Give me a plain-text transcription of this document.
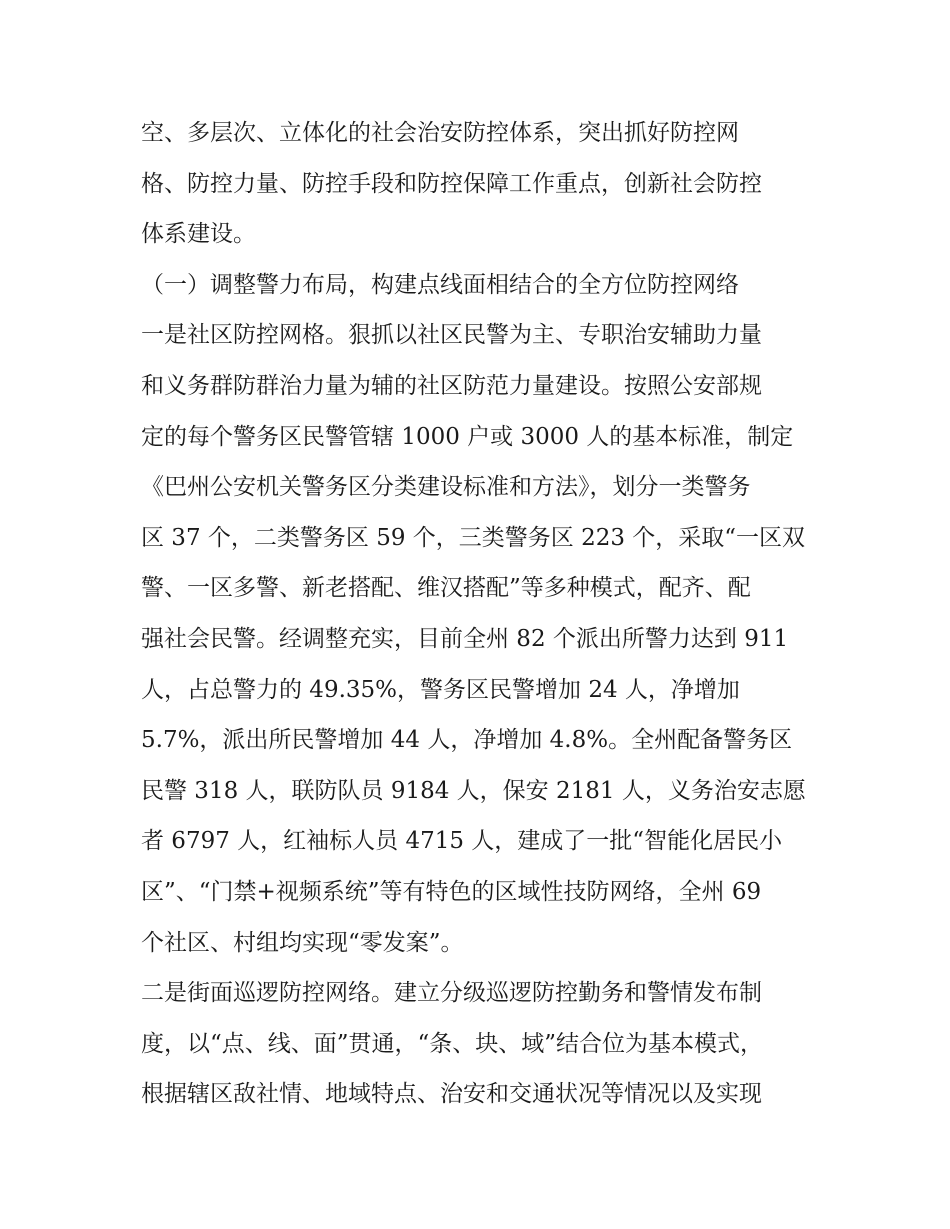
空、多层次、立体化的社会治安防控体系，突出抓好防控网
格、防控力量、防控手段和防控保障工作重点，创新社会防控
体系建设。
（一）调整警力布局，构建点线面相结合的全方位防控网络
一是社区防控网格。狠抓以社区民警为主、专职治安辅助力量
和义务群防群治力量为辅的社区防范力量建设。按照公安部规
定的每个警务区民警管辖 1000 户或 3000 人的基本标准，制定
《巴州公安机关警务区分类建设标准和方法》，划分一类警务
区 37 个，二类警务区 59 个，三类警务区 223 个，采取“一区双
警、一区多警、新老搭配、维汉搭配”等多种模式，配齐、配
强社会民警。经调整充实，目前全州 82 个派出所警力达到 911
人，占总警力的 49.35%，警务区民警增加 24 人，净增加
5.7%，派出所民警增加 44 人，净增加 4.8%。全州配备警务区
民警 318 人，联防队员 9184 人，保安 2181 人，义务治安志愿
者 6797 人，红袖标人员 4715 人，建成了一批“智能化居民小
区”、“门禁+视频系统”等有特色的区域性技防网络，全州 69
个社区、村组均实现“零发案”。
二是街面巡逻防控网络。建立分级巡逻防控勤务和警情发布制
度，以“点、线、面”贯通，“条、块、域”结合位为基本模式，
根据辖区敌社情、地域特点、治安和交通状况等情况以及实现
